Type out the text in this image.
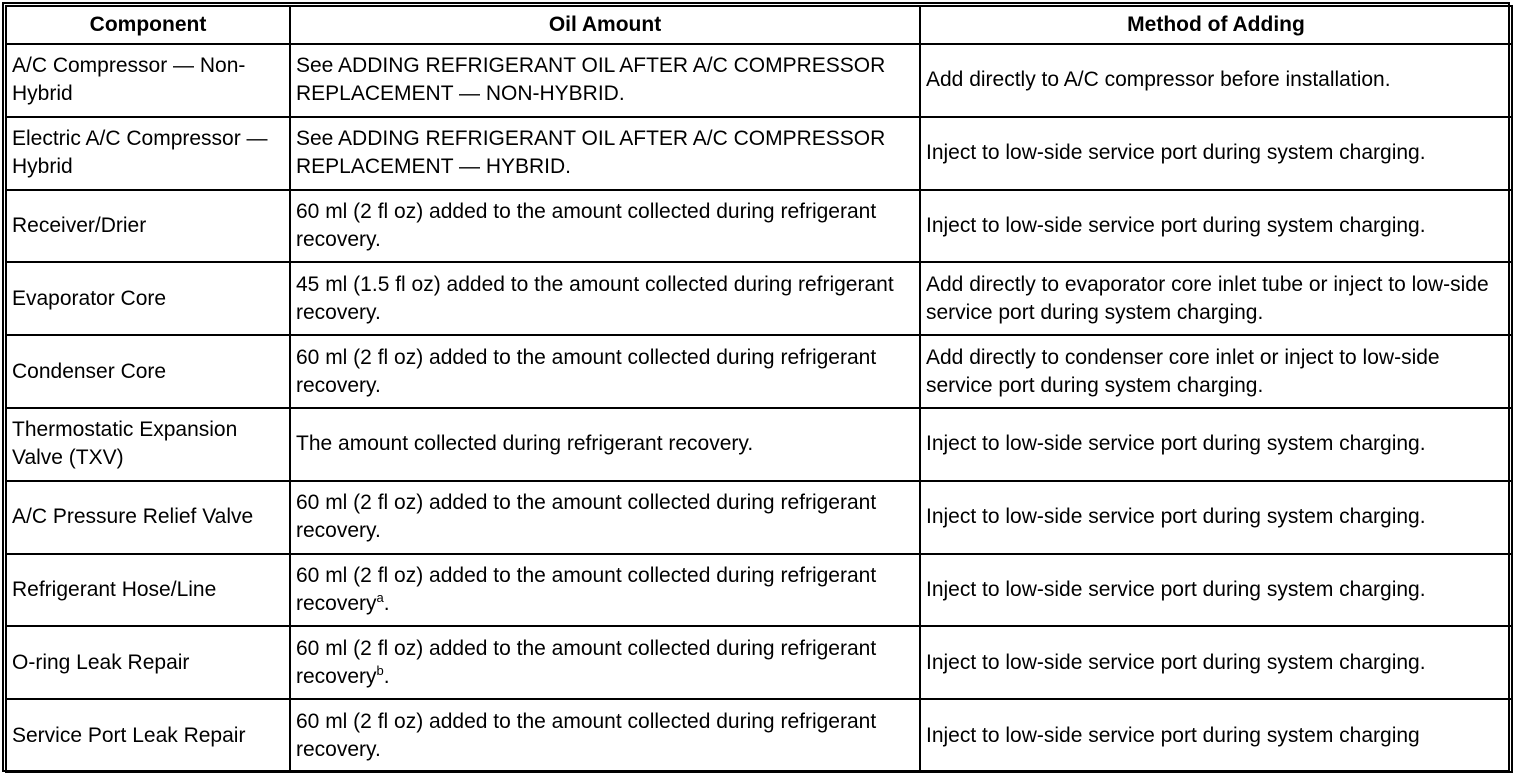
Component	Oil Amount	Method of Adding
A/C Compressor — Non-Hybrid	See ADDING REFRIGERANT OIL AFTER A/C COMPRESSOR REPLACEMENT — NON-HYBRID.	Add directly to A/C compressor before installation.
Electric A/C Compressor — Hybrid	See ADDING REFRIGERANT OIL AFTER A/C COMPRESSOR REPLACEMENT — HYBRID.	Inject to low-side service port during system charging.
Receiver/Drier	60 ml (2 fl oz) added to the amount collected during refrigerant recovery.	Inject to low-side service port during system charging.
Evaporator Core	45 ml (1.5 fl oz) added to the amount collected during refrigerant recovery.	Add directly to evaporator core inlet tube or inject to low-side service port during system charging.
Condenser Core	60 ml (2 fl oz) added to the amount collected during refrigerant recovery.	Add directly to condenser core inlet or inject to low-side service port during system charging.
Thermostatic Expansion Valve (TXV)	The amount collected during refrigerant recovery.	Inject to low-side service port during system charging.
A/C Pressure Relief Valve	60 ml (2 fl oz) added to the amount collected during refrigerant recovery.	Inject to low-side service port during system charging.
Refrigerant Hose/Line	60 ml (2 fl oz) added to the amount collected during refrigerant recovery$^a$.	Inject to low-side service port during system charging.
O-ring Leak Repair	60 ml (2 fl oz) added to the amount collected during refrigerant recovery$^b$.	Inject to low-side service port during system charging.
Service Port Leak Repair	60 ml (2 fl oz) added to the amount collected during refrigerant recovery.	Inject to low-side service port during system charging
